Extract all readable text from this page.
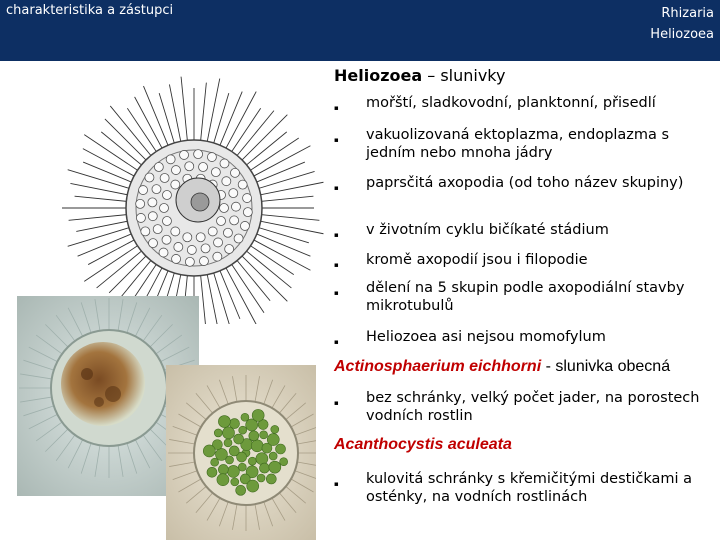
charakteristika a zástupci	Rhizaria
Heliozoea
Heliozoea – slunivky
▪ mořští, sladkovodní, planktonní, přisedlí
▪ vakuolizovaná ektoplazma, endoplazma s jedním nebo mnoha jádry
▪ paprsčitá axopodia (od toho název skupiny)
▪ v životním cyklu bičíkaté stádium
▪ kromě axopodií jsou i filopodie
▪ dělení na 5 skupin podle axopodiální stavby mikrotubulů
▪ Heliozoea asi nejsou momofylum
Actinosphaerium eichhorni - slunivka obecná
▪ bez schránky, velký počet jader, na porostech vodních rostlin
Acanthocystis aculeata
▪ kulovitá schránky s křemičitými destičkami a osténky, na vodních rostlinách
